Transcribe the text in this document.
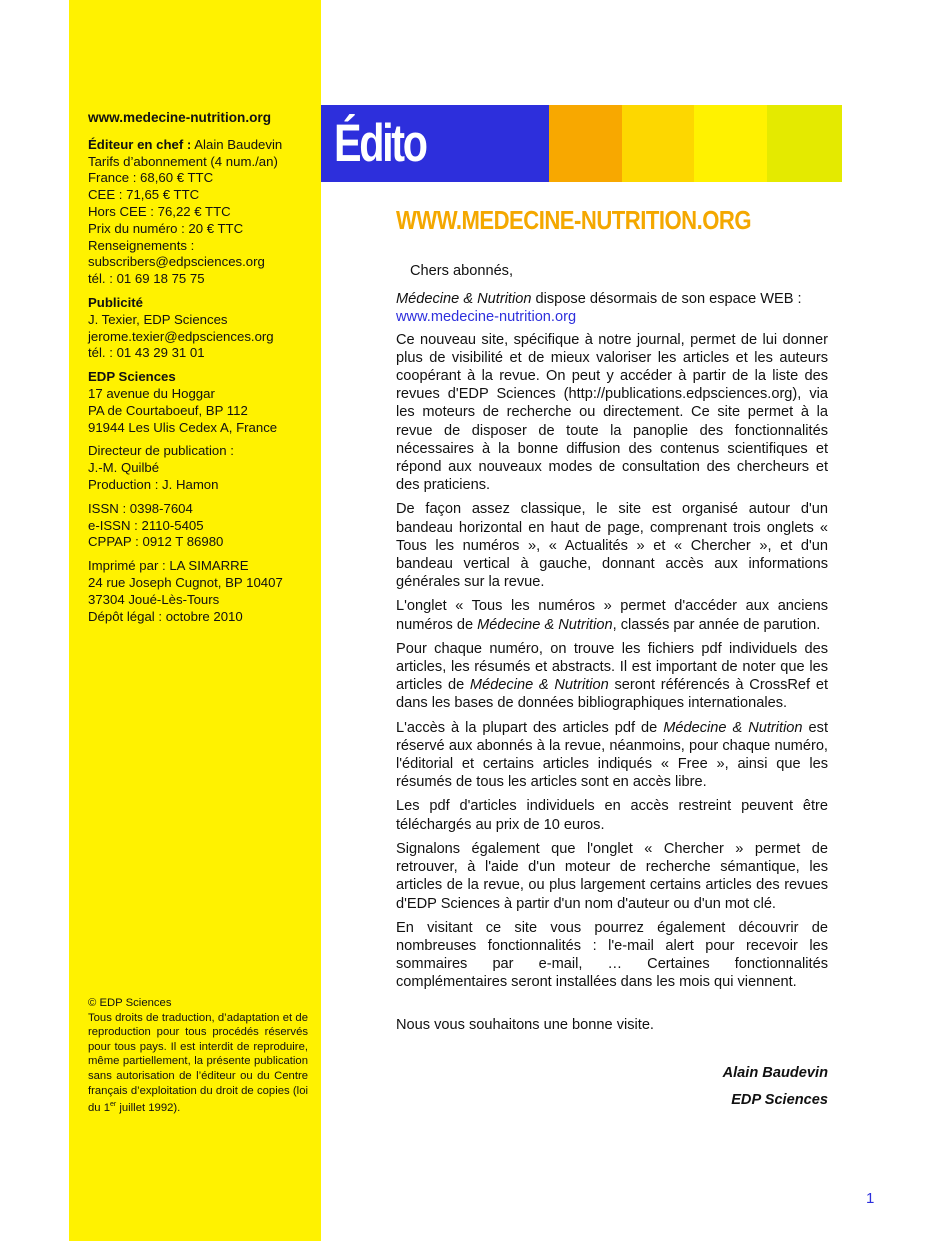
www.medecine-nutrition.org
Éditeur en chef : Alain Baudevin
Tarifs d’abonnement (4 num./an)
France : 68,60 € TTC
CEE : 71,65 € TTC
Hors CEE : 76,22 € TTC
Prix du numéro : 20 € TTC
Renseignements :
subscribers@edpsciences.org
tél. : 01 69 18 75 75
Publicité
J. Texier, EDP Sciences
jerome.texier@edpsciences.org
tél. : 01 43 29 31 01
EDP Sciences
17 avenue du Hoggar
PA de Courtaboeuf, BP 112
91944 Les Ulis Cedex A, France
Directeur de publication :
J.-M. Quilbé
Production : J. Hamon
ISSN : 0398-7604
e-ISSN : 2110-5405
CPPAP : 0912 T 86980
Imprimé par : LA SIMARRE
24 rue Joseph Cugnot, BP 10407
37304 Joué-Lès-Tours
Dépôt légal : octobre 2010
© EDP Sciences
Tous droits de traduction, d’adaptation et de reproduction pour tous procédés réservés pour tous pays. Il est interdit de reproduire, même partiellement, la présente publication sans autorisation de l’éditeur ou du Centre français d’exploitation du droit de copies (loi du 1er juillet 1992).
Édito
WWW.MEDECINE-NUTRITION.ORG

Chers abonnés,

Médecine & Nutrition dispose désormais de son espace WEB :
www.medecine-nutrition.org

Ce nouveau site, spécifique à notre journal, permet de lui donner plus de visibilité et de mieux valoriser les articles et les auteurs coopérant à la revue. On peut y accéder à partir de la liste des revues d'EDP Sciences (http://publications.edpsciences.org), via les moteurs de recherche ou directement. Ce site permet à la revue de disposer de toute la panoplie des fonctionnalités nécessaires à la bonne diffusion des contenus scientifiques et répond aux nouveaux modes de consultation des chercheurs et des praticiens.

De façon assez classique, le site est organisé autour d'un bandeau horizontal en haut de page, comprenant trois onglets « Tous les numéros », « Actualités » et « Chercher », et d'un bandeau vertical à gauche, donnant accès aux informations générales sur la revue.

L'onglet « Tous les numéros » permet d'accéder aux anciens numéros de Médecine & Nutrition, classés par année de parution.

Pour chaque numéro, on trouve les fichiers pdf individuels des articles, les résumés et abstracts. Il est important de noter que les articles de Médecine & Nutrition seront référencés à CrossRef et dans les bases de données bibliographiques internationales.

L'accès à la plupart des articles pdf de Médecine & Nutrition est réservé aux abonnés à la revue, néanmoins, pour chaque numéro, l'éditorial et certains articles indiqués « Free », ainsi que les résumés de tous les articles sont en accès libre.

Les pdf d'articles individuels en accès restreint peuvent être téléchargés au prix de 10 euros.

Signalons également que l'onglet « Chercher » permet de retrouver, à l'aide d'un moteur de recherche sémantique, les articles de la revue, ou plus largement certains articles des revues d'EDP Sciences à partir d'un nom d'auteur ou d'un mot clé.

En visitant ce site vous pourrez également découvrir de nombreuses fonctionnalités : l'e-mail alert pour recevoir les sommaires par e-mail, … Certaines fonctionnalités complémentaires seront installées dans les mois qui viennent.

Nous vous souhaitons une bonne visite.

Alain Baudevin

EDP Sciences

1
